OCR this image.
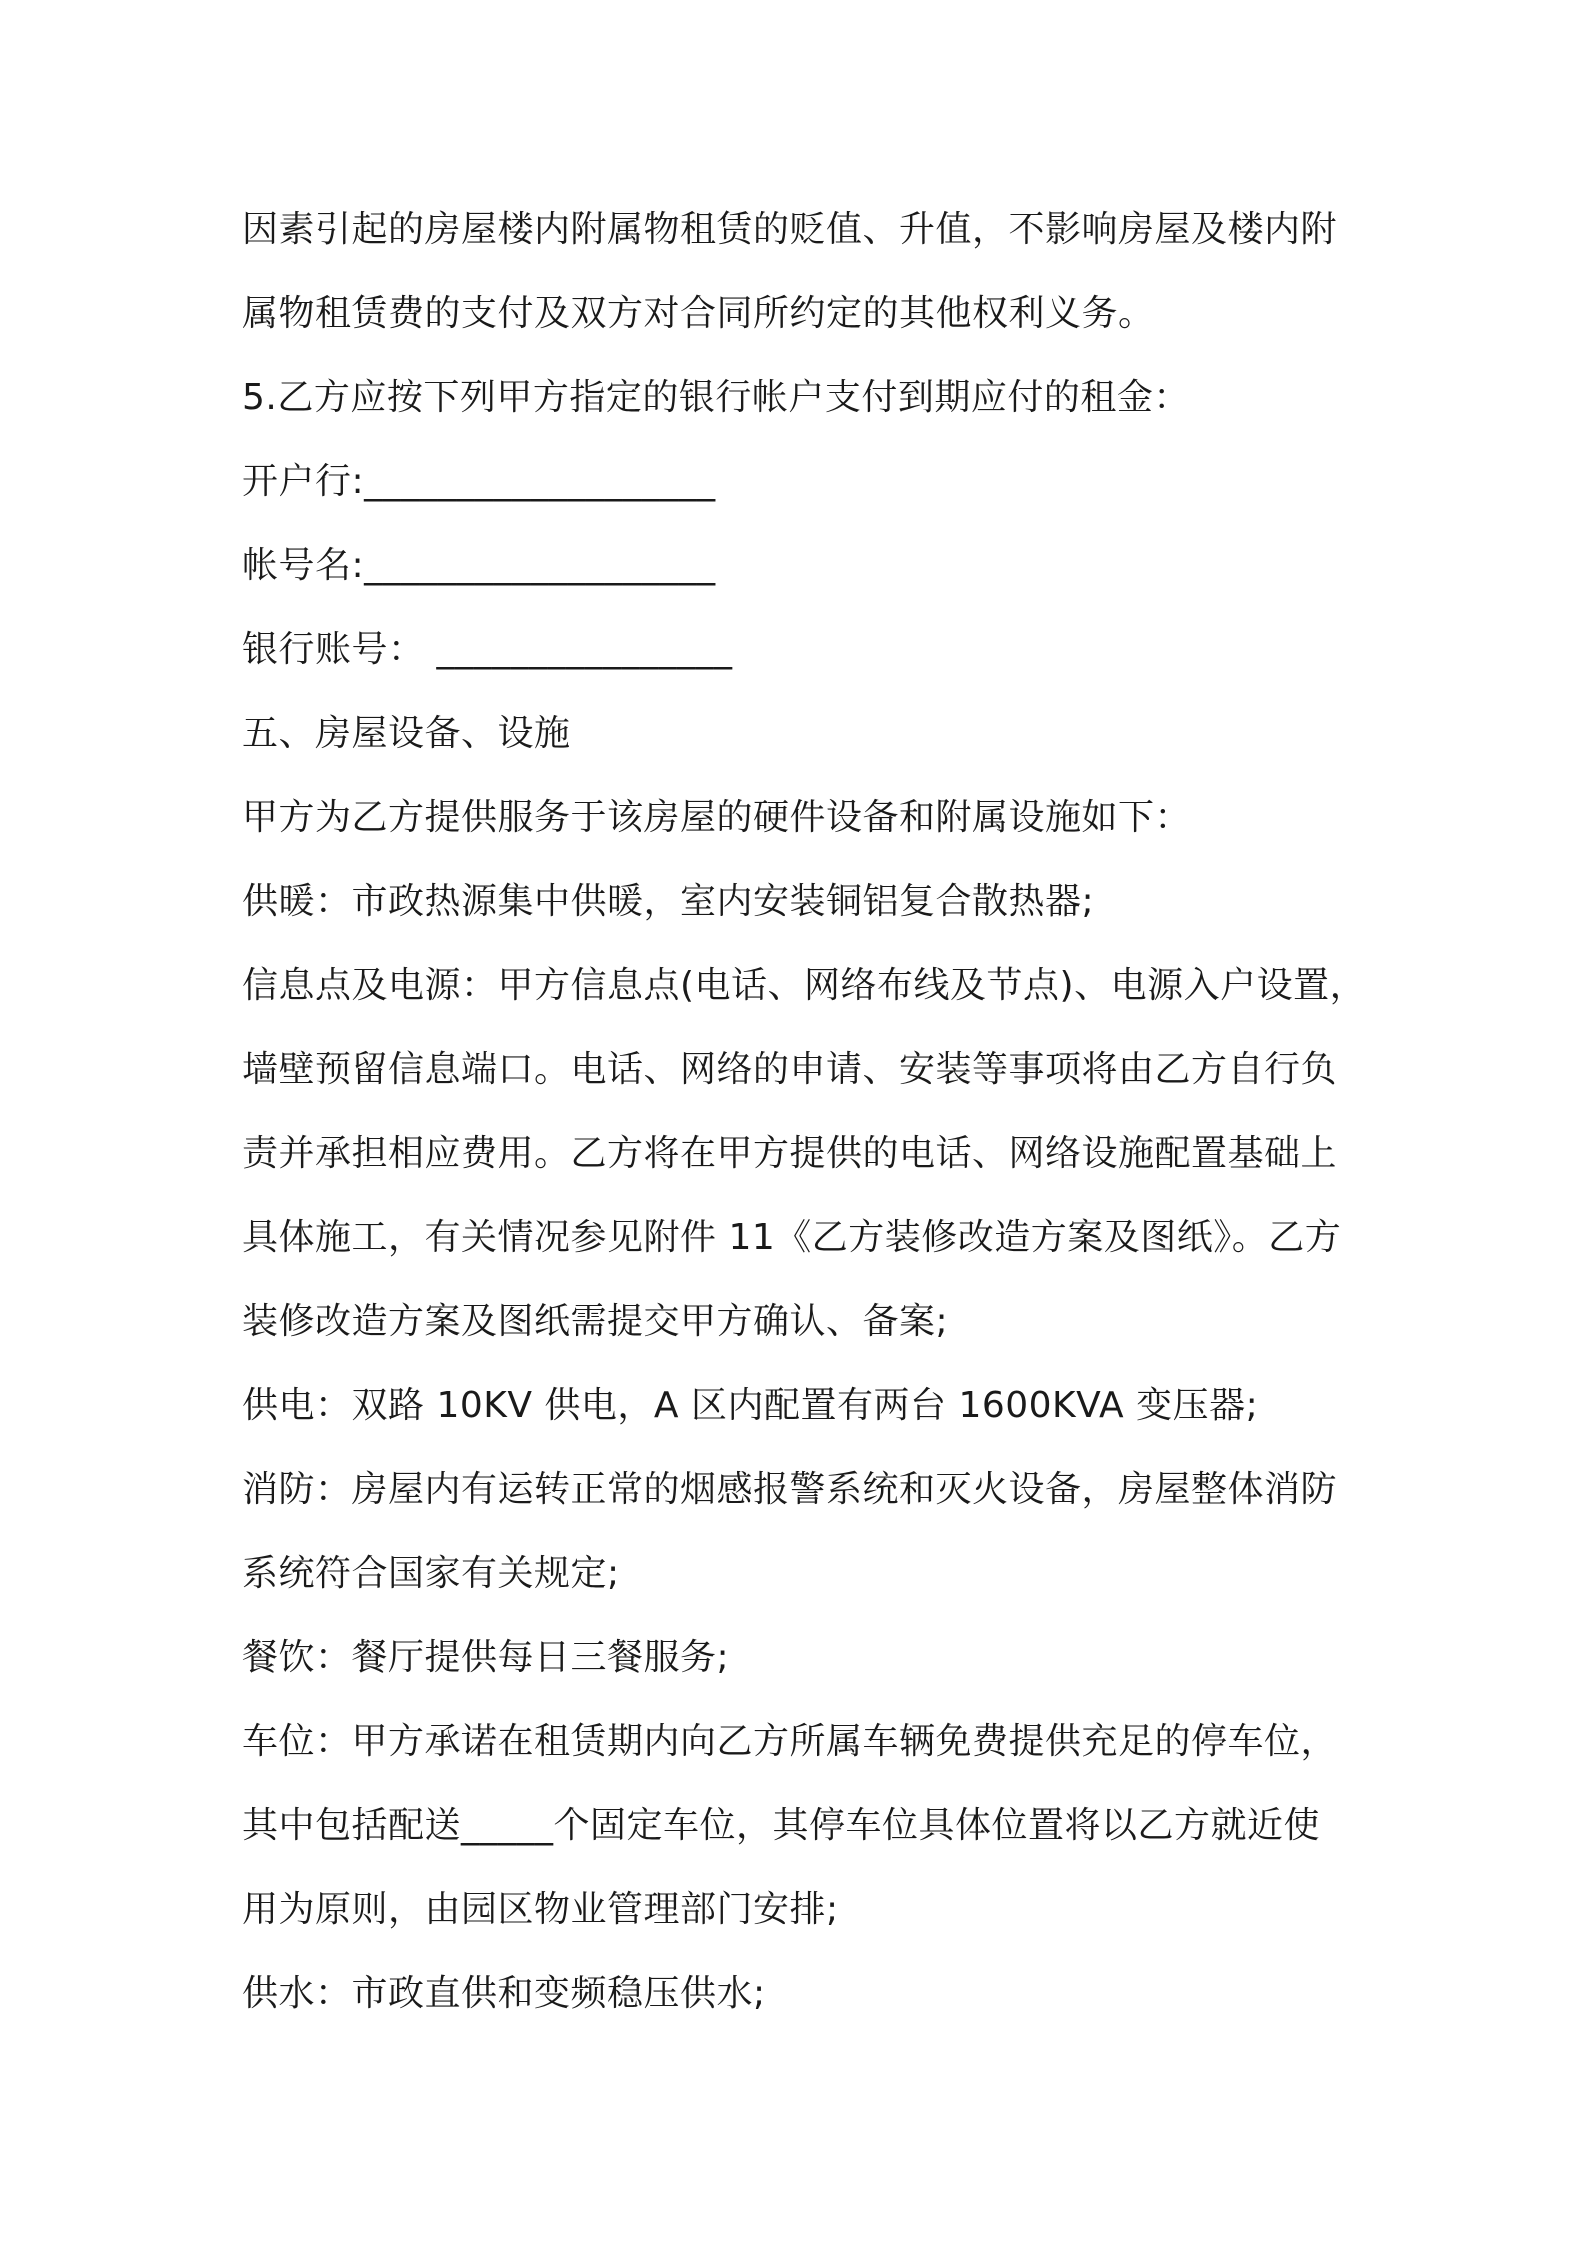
因素引起的房屋楼内附属物租赁的贬值、升值，不影响房屋及楼内附
属物租赁费的支付及双方对合同所约定的其他权利义务。
5.乙方应按下列甲方指定的银行帐户支付到期应付的租金：
开户行:___________________
帐号名:___________________
银行账号： ________________
五、房屋设备、设施
甲方为乙方提供服务于该房屋的硬件设备和附属设施如下：
供暖：市政热源集中供暖，室内安装铜铝复合散热器;
信息点及电源：甲方信息点(电话、网络布线及节点)、电源入户设置，
墙壁预留信息端口。电话、网络的申请、安装等事项将由乙方自行负
责并承担相应费用。乙方将在甲方提供的电话、网络设施配置基础上
具体施工，有关情况参见附件 11《乙方装修改造方案及图纸》。乙方
装修改造方案及图纸需提交甲方确认、备案;
供电：双路 10KV 供电，A 区内配置有两台 1600KVA 变压器;
消防：房屋内有运转正常的烟感报警系统和灭火设备，房屋整体消防
系统符合国家有关规定;
餐饮：餐厅提供每日三餐服务;
车位：甲方承诺在租赁期内向乙方所属车辆免费提供充足的停车位，
其中包括配送_____个固定车位，其停车位具体位置将以乙方就近使
用为原则，由园区物业管理部门安排;
供水：市政直供和变频稳压供水;
